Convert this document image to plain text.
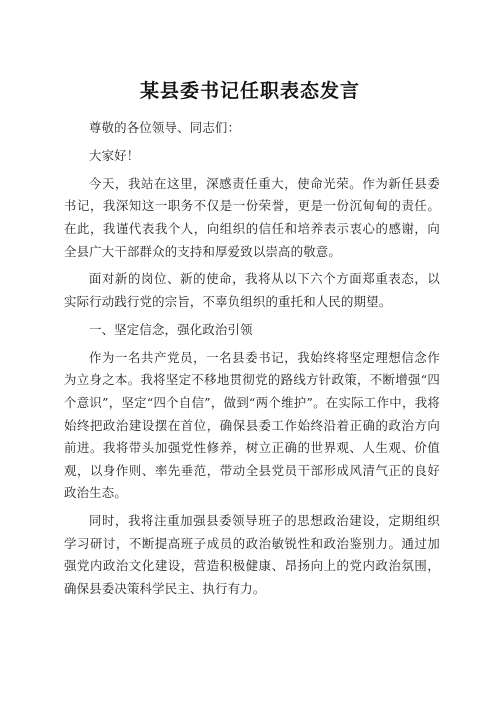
某县委书记任职表态发言

尊敬的各位领导、同志们：

大家好！

今天，我站在这里，深感责任重大，使命光荣。作为新任县委书记，我深知这一职务不仅是一份荣誉，更是一份沉甸甸的责任。在此，我谨代表我个人，向组织的信任和培养表示衷心的感谢，向全县广大干部群众的支持和厚爱致以崇高的敬意。

面对新的岗位、新的使命，我将从以下六个方面郑重表态，以实际行动践行党的宗旨，不辜负组织的重托和人民的期望。

一、坚定信念，强化政治引领

作为一名共产党员，一名县委书记，我始终将坚定理想信念作为立身之本。我将坚定不移地贯彻党的路线方针政策，不断增强“四个意识”，坚定“四个自信”，做到“两个维护”。在实际工作中，我将始终把政治建设摆在首位，确保县委工作始终沿着正确的政治方向前进。我将带头加强党性修养，树立正确的世界观、人生观、价值观，以身作则、率先垂范，带动全县党员干部形成风清气正的良好政治生态。

同时，我将注重加强县委领导班子的思想政治建设，定期组织学习研讨，不断提高班子成员的政治敏锐性和政治鉴别力。通过加强党内政治文化建设，营造积极健康、昂扬向上的党内政治氛围，确保县委决策科学民主、执行有力。
